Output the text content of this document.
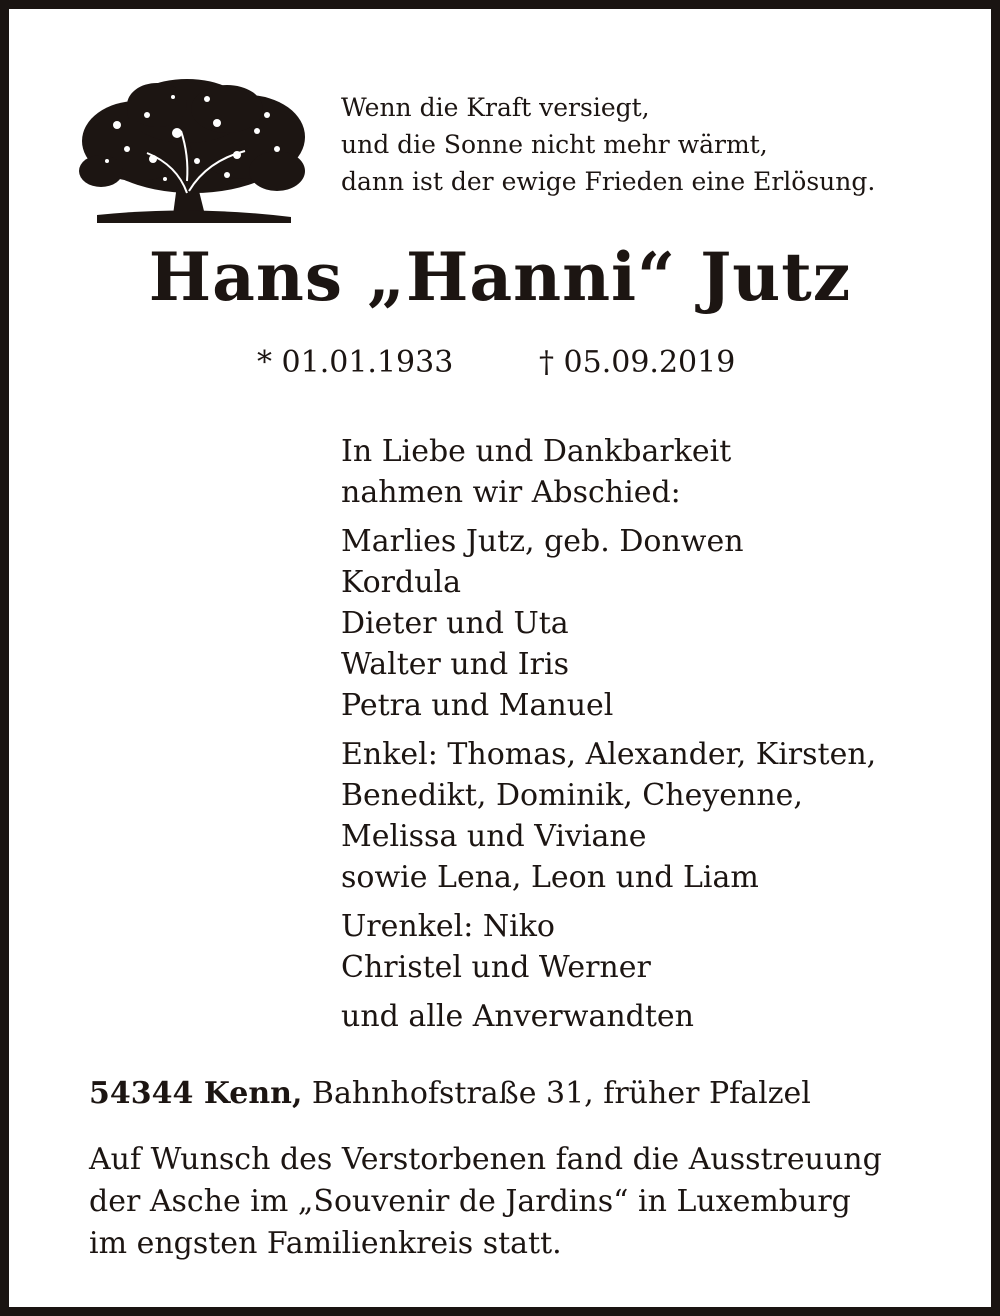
Wenn die Kraft versiegt,
und die Sonne nicht mehr wärmt,
dann ist der ewige Frieden eine Erlösung.
Hans „Hanni“ Jutz
* 01.01.1933	† 05.09.2019
In Liebe und Dankbarkeit
nahmen wir Abschied:
Marlies Jutz, geb. Donwen
Kordula
Dieter und Uta
Walter und Iris
Petra und Manuel
Enkel: Thomas, Alexander, Kirsten,
Benedikt, Dominik, Cheyenne,
Melissa und Viviane
sowie Lena, Leon und Liam
Urenkel: Niko
Christel und Werner
und alle Anverwandten
54344 Kenn, Bahnhofstraße 31, früher Pfalzel
Auf Wunsch des Verstorbenen fand die Ausstreuung
der Asche im „Souvenir de Jardins“ in Luxemburg
im engsten Familienkreis statt.
